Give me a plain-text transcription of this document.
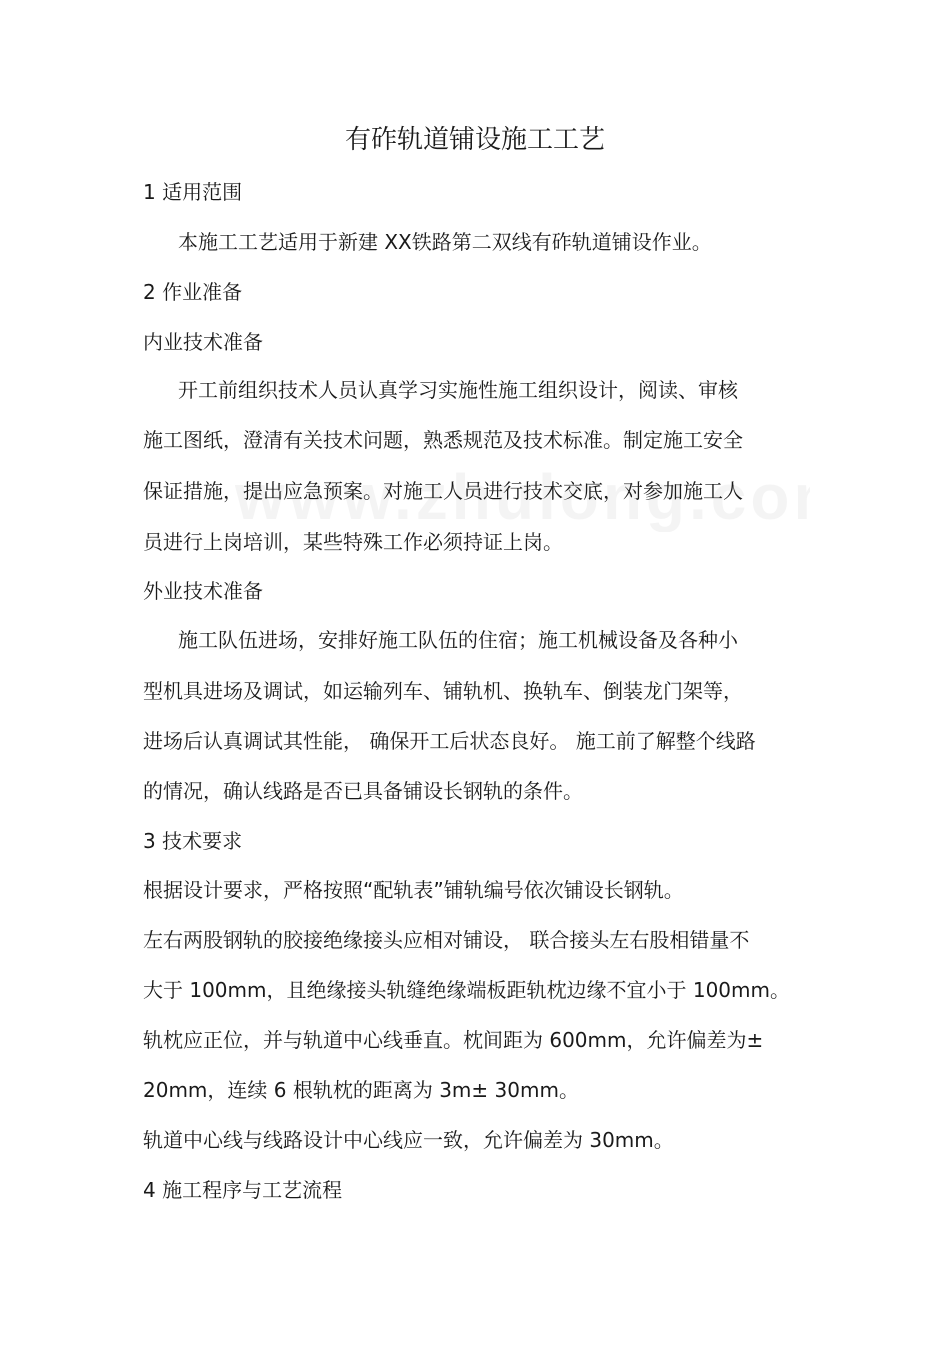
有砟轨道铺设施工工艺

1 适用范围

本施工工艺适用于新建 XX铁路第二双线有砟轨道铺设作业。

2 作业准备

内业技术准备

开工前组织技术人员认真学习实施性施工组织设计，阅读、审核

施工图纸，澄清有关技术问题，熟悉规范及技术标准。制定施工安全

保证措施，提出应急预案。对施工人员进行技术交底，对参加施工人

员进行上岗培训，某些特殊工作必须持证上岗。

外业技术准备

施工队伍进场，安排好施工队伍的住宿；施工机械设备及各种小

型机具进场及调试，如运输列车、铺轨机、换轨车、倒装龙门架等，

进场后认真调试其性能， 确保开工后状态良好。 施工前了解整个线路

的情况，确认线路是否已具备铺设长钢轨的条件。

3 技术要求

根据设计要求，严格按照“配轨表”铺轨编号依次铺设长钢轨。

左右两股钢轨的胶接绝缘接头应相对铺设， 联合接头左右股相错量不

大于 100mm，且绝缘接头轨缝绝缘端板距轨枕边缘不宜小于 100mm。

轨枕应正位，并与轨道中心线垂直。枕间距为 600mm，允许偏差为±

20mm，连续 6 根轨枕的距离为 3m± 30mm。

轨道中心线与线路设计中心线应一致，允许偏差为 30mm。

4 施工程序与工艺流程
